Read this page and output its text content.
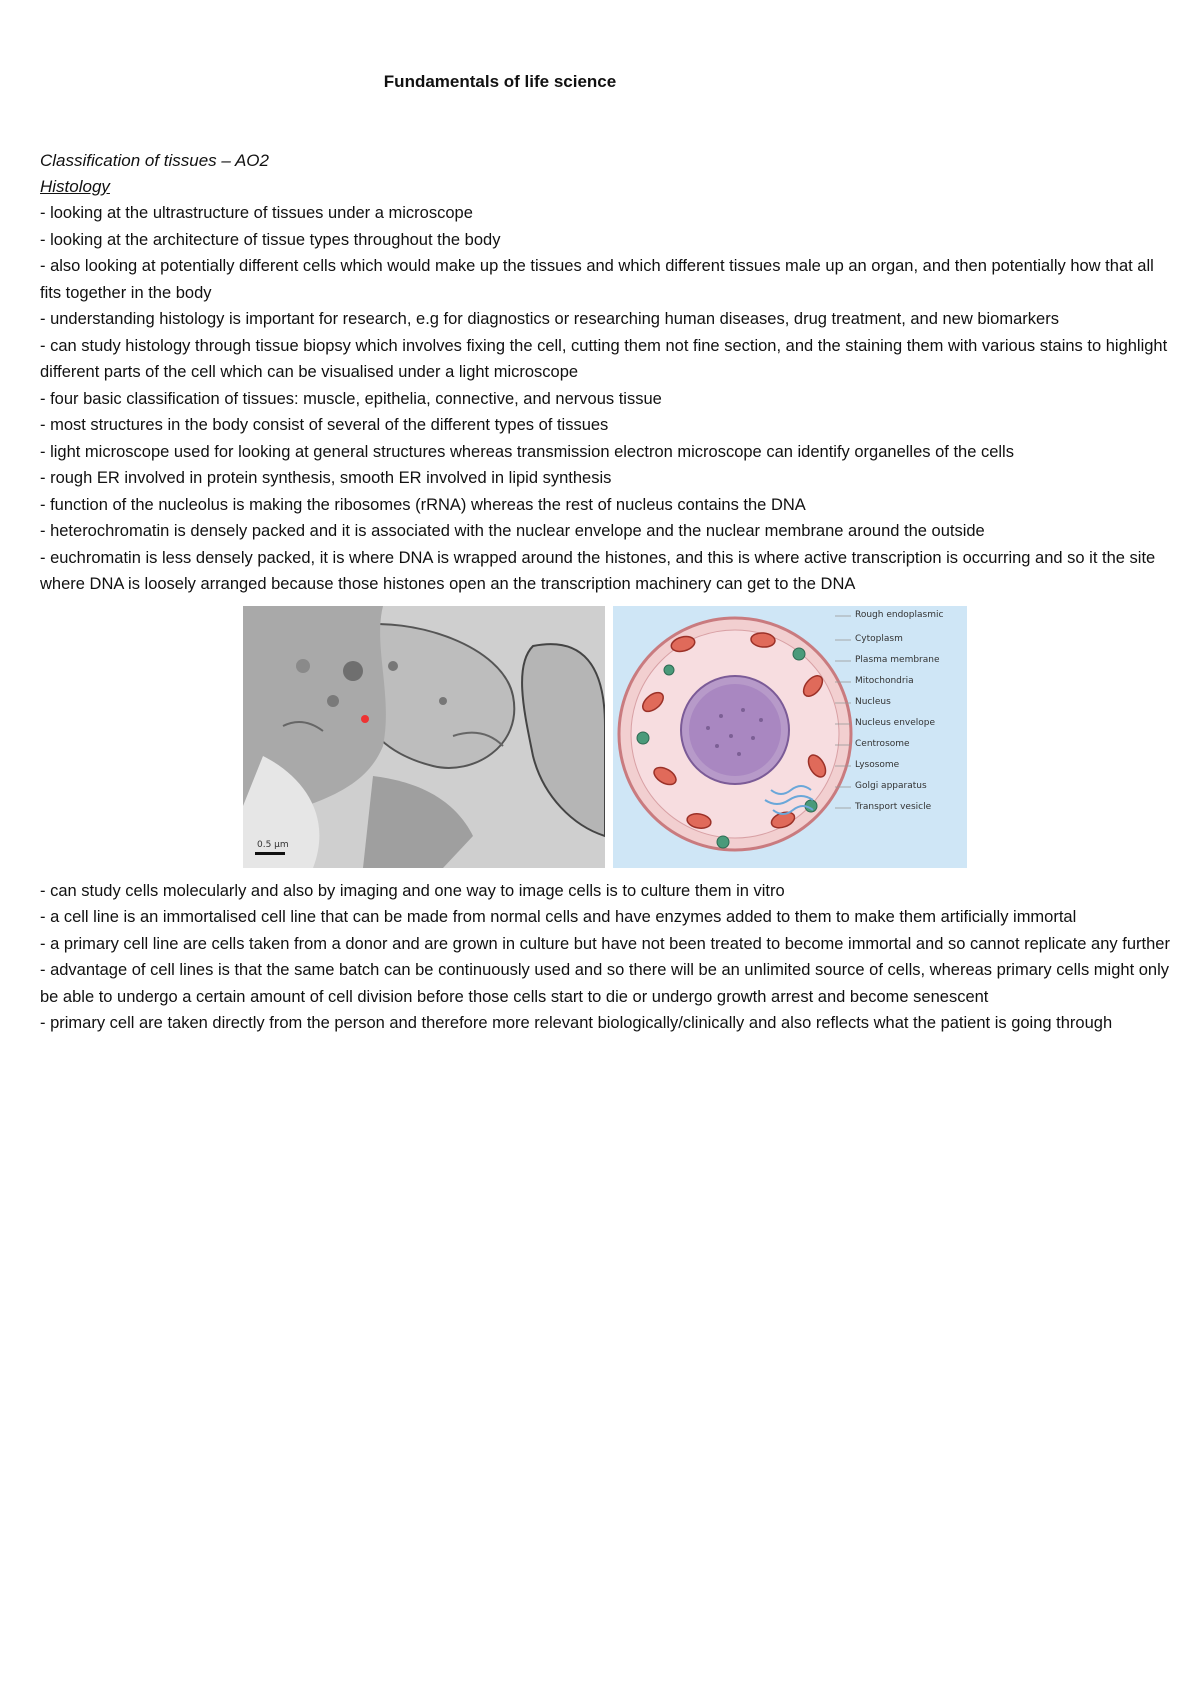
Fundamentals of life science

Classification of tissues – AO2

Histology

- looking at the ultrastructure of tissues under a microscope

- looking at the architecture of tissue types throughout the body

- also looking at potentially different cells which would make up the tissues and which different tissues male up an organ, and then potentially how that all fits together in the body

- understanding histology is important for research, e.g for diagnostics or researching human diseases, drug treatment, and new biomarkers

- can study histology through tissue biopsy which involves fixing the cell, cutting them not fine section, and the staining them with various stains to highlight different parts of the cell which can be visualised under a light microscope

- four basic classification of tissues: muscle, epithelia, connective, and nervous tissue

- most structures in the body consist of several of the different types of tissues

- light microscope used for looking at general structures whereas transmission electron microscope can identify organelles of the cells

- rough ER involved in protein synthesis, smooth ER involved in lipid synthesis

- function of the nucleolus is making the ribosomes (rRNA) whereas the rest of nucleus contains the DNA

- heterochromatin is densely packed and it is associated with the nuclear envelope and the nuclear membrane around the outside

- euchromatin is less densely packed, it is where DNA is wrapped around the histones, and this is where active transcription is occurring and so it the site where DNA is loosely arranged because those histones open an the transcription machinery can get to the DNA

0.5 µm
Rough endoplasmic
Cytoplasm
Plasma membrane
Mitochondria
Nucleus
Nucleus envelope
Centrosome
Lysosome
Golgi apparatus
Transport vesicle

- can study cells molecularly and also by imaging and one way to image cells is to culture them in vitro

- a cell line is an immortalised cell line that can be made from normal cells and have enzymes added to them to make them artificially immortal

- a primary cell line are cells taken from a donor and are grown in culture but have not been treated to become immortal and so cannot replicate any further

- advantage of cell lines is that the same batch can be continuously used and so there will be an unlimited source of cells, whereas primary cells might only be able to undergo a certain amount of cell division before those cells start to die or undergo growth arrest and become senescent

- primary cell are taken directly from the person and therefore more relevant biologically/clinically and also reflects what the patient is going through
